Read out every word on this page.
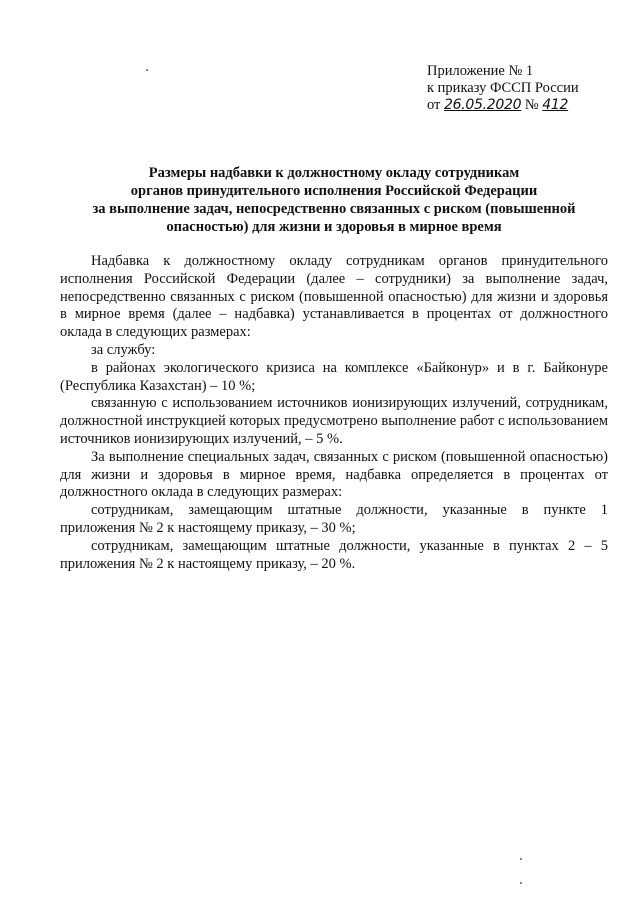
Приложение № 1
к приказу ФССП России
от 26.05.2020 № 412
Размеры надбавки к должностному окладу сотрудникам
органов принудительного исполнения Российской Федерации
за выполнение задач, непосредственно связанных с риском (повышенной
опасностью) для жизни и здоровья в мирное время

Надбавка к должностному окладу сотрудникам органов принудительного исполнения Российской Федерации (далее – сотрудники) за выполнение задач, непосредственно связанных с риском (повышенной опасностью) для жизни и здоровья в мирное время (далее – надбавка) устанавливается в процентах от должностного оклада в следующих размерах:

за службу:

в районах экологического кризиса на комплексе «Байконур» и в г. Байконуре (Республика Казахстан) – 10 %;

связанную с использованием источников ионизирующих излучений, сотрудникам, должностной инструкцией которых предусмотрено выполнение работ с использованием источников ионизирующих излучений, – 5 %.

За выполнение специальных задач, связанных с риском (повышенной опасностью) для жизни и здоровья в мирное время, надбавка определяется в процентах от должностного оклада в следующих размерах:

сотрудникам, замещающим штатные должности, указанные в пункте 1 приложения № 2 к настоящему приказу, – 30 %;

сотрудникам, замещающим штатные должности, указанные в пунктах 2 – 5 приложения № 2 к настоящему приказу, – 20 %.
